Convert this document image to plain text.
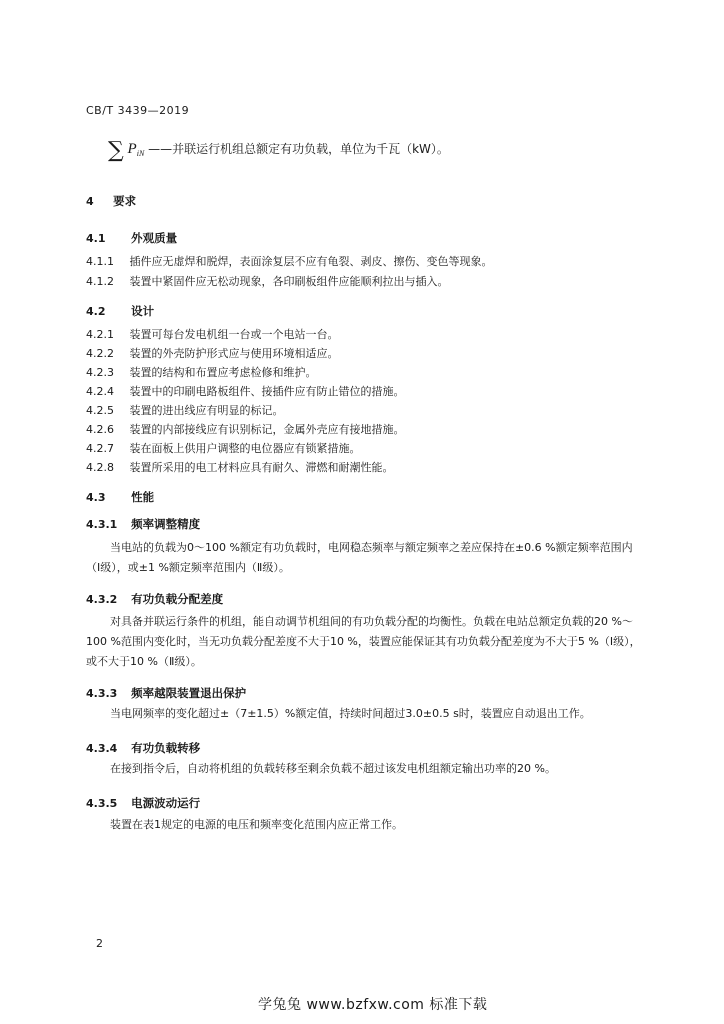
CB/T 3439—2019
∑ $P_{iN}$ ——并联运行机组总额定有功负载，单位为千瓦（kW）。
4 要求
4.1 外观质量
4.1.1 插件应无虚焊和脱焊，表面涂复层不应有龟裂、剥皮、擦伤、变色等现象。
4.1.2 装置中紧固件应无松动现象，各印刷板组件应能顺利拉出与插入。
4.2 设计
4.2.1 装置可每台发电机组一台或一个电站一台。
4.2.2 装置的外壳防护形式应与使用环境相适应。
4.2.3 装置的结构和布置应考虑检修和维护。
4.2.4 装置中的印刷电路板组件、接插件应有防止错位的措施。
4.2.5 装置的进出线应有明显的标记。
4.2.6 装置的内部接线应有识别标记，金属外壳应有接地措施。
4.2.7 装在面板上供用户调整的电位器应有锁紧措施。
4.2.8 装置所采用的电工材料应具有耐久、滞燃和耐潮性能。
4.3 性能
4.3.1 频率调整精度
当电站的负载为0～100 %额定有功负载时，电网稳态频率与额定频率之差应保持在±0.6 %额定频率范围内（Ⅰ级），或±1 %额定频率范围内（Ⅱ级）。
4.3.2 有功负载分配差度
对具备并联运行条件的机组，能自动调节机组间的有功负载分配的均衡性。负载在电站总额定负载的20 %～100 %范围内变化时，当无功负载分配差度不大于10 %，装置应能保证其有功负载分配差度为不大于5 %（Ⅰ级），或不大于10 %（Ⅱ级）。
4.3.3 频率越限装置退出保护
当电网频率的变化超过±（7±1.5）%额定值，持续时间超过3.0±0.5 s时，装置应自动退出工作。
4.3.4 有功负载转移
在接到指令后，自动将机组的负载转移至剩余负载不超过该发电机组额定输出功率的20 %。
4.3.5 电源波动运行
装置在表1规定的电源的电压和频率变化范围内应正常工作。
2
学兔兔 www.bzfxw.com 标准下载
